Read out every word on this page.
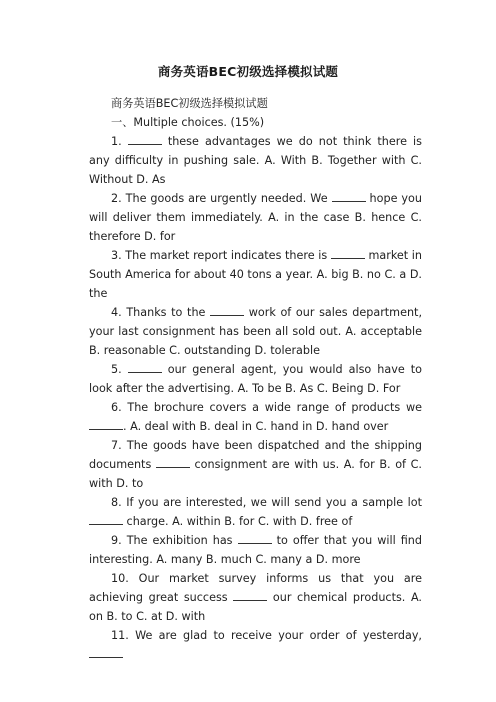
商务英语BEC初级选择模拟试题

商务英语BEC初级选择模拟试题

一、Multiple choices. (15%)

1.	these advantages we do not think there is any difficulty in pushing sale. A. With B. Together with C. Without D. As

2. The goods are urgently needed. We	hope you will deliver them immediately. A. in the case B. hence C. therefore D. for

3. The market report indicates there is	market in South America for about 40 tons a year. A. big B. no C. a D. the

4. Thanks to the	work of our sales department, your last consignment has been all sold out. A. acceptable B. reasonable C. outstanding D. tolerable

5.	our general agent, you would also have to look after the advertising. A. To be B. As C. Being D. For

6. The brochure covers a wide range of products we . A. deal with B. deal in C. hand in D. hand over

7. The goods have been dispatched and the shipping documents	consignment are with us. A. for B. of C. with D. to

8. If you are interested, we will send you a sample lot  charge. A. within B. for C. with D. free of

9. The exhibition has	to offer that you will find interesting. A. many B. much C. many a D. more

10. Our market survey informs us that you are achieving great success	our chemical products. A. on B. to C. at D. with

11. We are glad to receive your order of yesterday,
